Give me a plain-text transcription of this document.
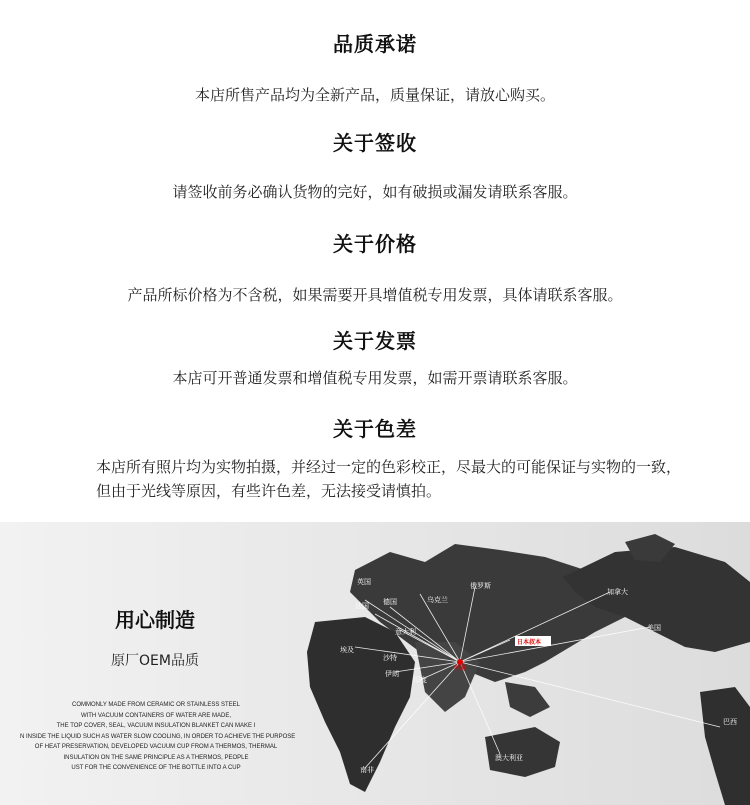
品质承诺
本店所售产品均为全新产品，质量保证，请放心购买。
关于签收
请签收前务必确认货物的完好，如有破损或漏发请联系客服。
关于价格
产品所标价格为不含税，如果需要开具增值税专用发票，具体请联系客服。
关于发票
本店可开普通发票和增值税专用发票，如需开票请联系客服。
关于色差
本店所有照片均为实物拍摄，并经过一定的色彩校正，尽最大的可能保证与实物的一致，但由于光线等原因，有些许色差，无法接受请慎拍。
用心制造
原厂OEM品质
COMMONLY MADE FROM CERAMIC OR STAINLESS STEEL
WITH VACUUM CONTAINERS OF WATER ARE MADE,
THE TOP COVER, SEAL, VACUUM INSULATION BLANKET CAN MAKE I
N INSIDE THE LIQUID SUCH AS WATER SLOW COOLING, IN ORDER TO ACHIEVE THE PURPOSE
OF HEAT PRESERVATION, DEVELOPED VACUUM CUP FROM A THERMOS, THERMAL
INSULATION ON THE SAME PRINCIPLE AS A THERMOS, PEOPLE
UST FOR THE CONVENIENCE OF THE BOTTLE INTO A CUP
中国
日本叔本
英国
法国 德国
意大利
乌克兰
俄罗斯
埃及
伊朗
印度
沙特
加拿大
美国
澳大利亚
南非
巴西
